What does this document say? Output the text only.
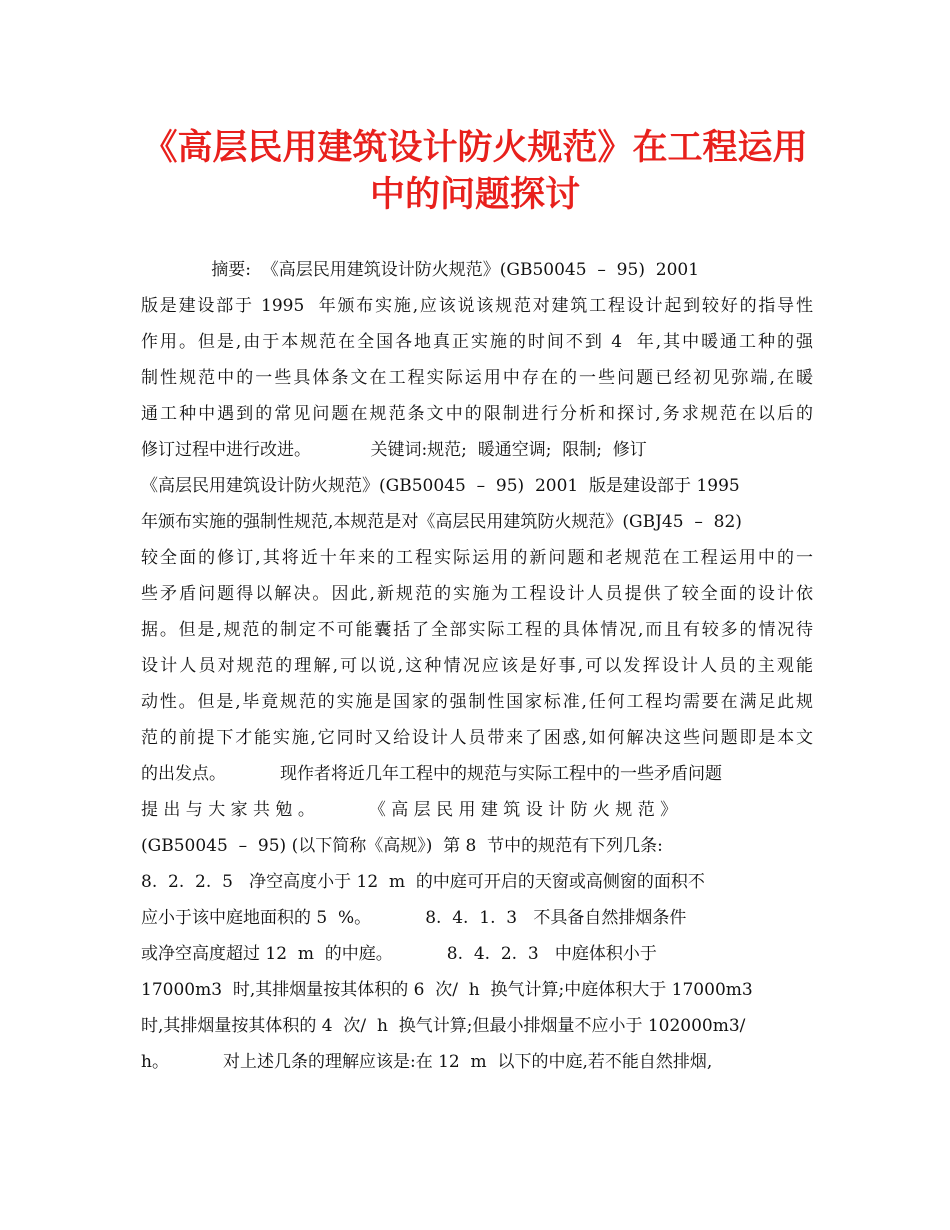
《高层民用建筑设计防火规范》在工程运用
中的问题探讨
摘要:  《高层民用建筑设计防火规范》(GB50045  –  95)  2001
版是建设部于 1995  年颁布实施,应该说该规范对建筑工程设计起到较好的指导性
作用。但是,由于本规范在全国各地真正实施的时间不到 4  年,其中暖通工种的强
制性规范中的一些具体条文在工程实际运用中存在的一些问题已经初见弥端,在暖
通工种中遇到的常见问题在规范条文中的限制进行分析和探讨,务求规范在以后的
修订过程中进行改进。           关键词:规范;  暖通空调;  限制;  修订
《高层民用建筑设计防火规范》(GB50045  –  95)  2001  版是建设部于 1995
年颁布实施的强制性规范,本规范是对《高层民用建筑防火规范》(GBJ45  –  82)
较全面的修订,其将近十年来的工程实际运用的新问题和老规范在工程运用中的一
些矛盾问题得以解决。因此,新规范的实施为工程设计人员提供了较全面的设计依
据。但是,规范的制定不可能囊括了全部实际工程的具体情况,而且有较多的情况待
设计人员对规范的理解,可以说,这种情况应该是好事,可以发挥设计人员的主观能
动性。但是,毕竟规范的实施是国家的强制性国家标准,任何工程均需要在满足此规
范的前提下才能实施,它同时又给设计人员带来了困惑,如何解决这些问题即是本文
的出发点。          现作者将近几年工程中的规范与实际工程中的一些矛盾问题
提 出 与 大 家 共 勉 。          《 高 层 民 用 建 筑 设 计 防 火 规 范 》
(GB50045  –  95) (以下简称《高规》)  第 8  节中的规范有下列几条:
8.  2.  2.  5   净空高度小于 12  m  的中庭可开启的天窗或高侧窗的面积不
应小于该中庭地面积的 5  %。          8.  4.  1.  3   不具备自然排烟条件
或净空高度超过 12  m  的中庭。          8.  4.  2.  3   中庭体积小于
17000m3  时,其排烟量按其体积的 6  次/  h  换气计算;中庭体积大于 17000m3
时,其排烟量按其体积的 4  次/  h  换气计算;但最小排烟量不应小于 102000m3/
h。          对上述几条的理解应该是:在 12  m  以下的中庭,若不能自然排烟,
